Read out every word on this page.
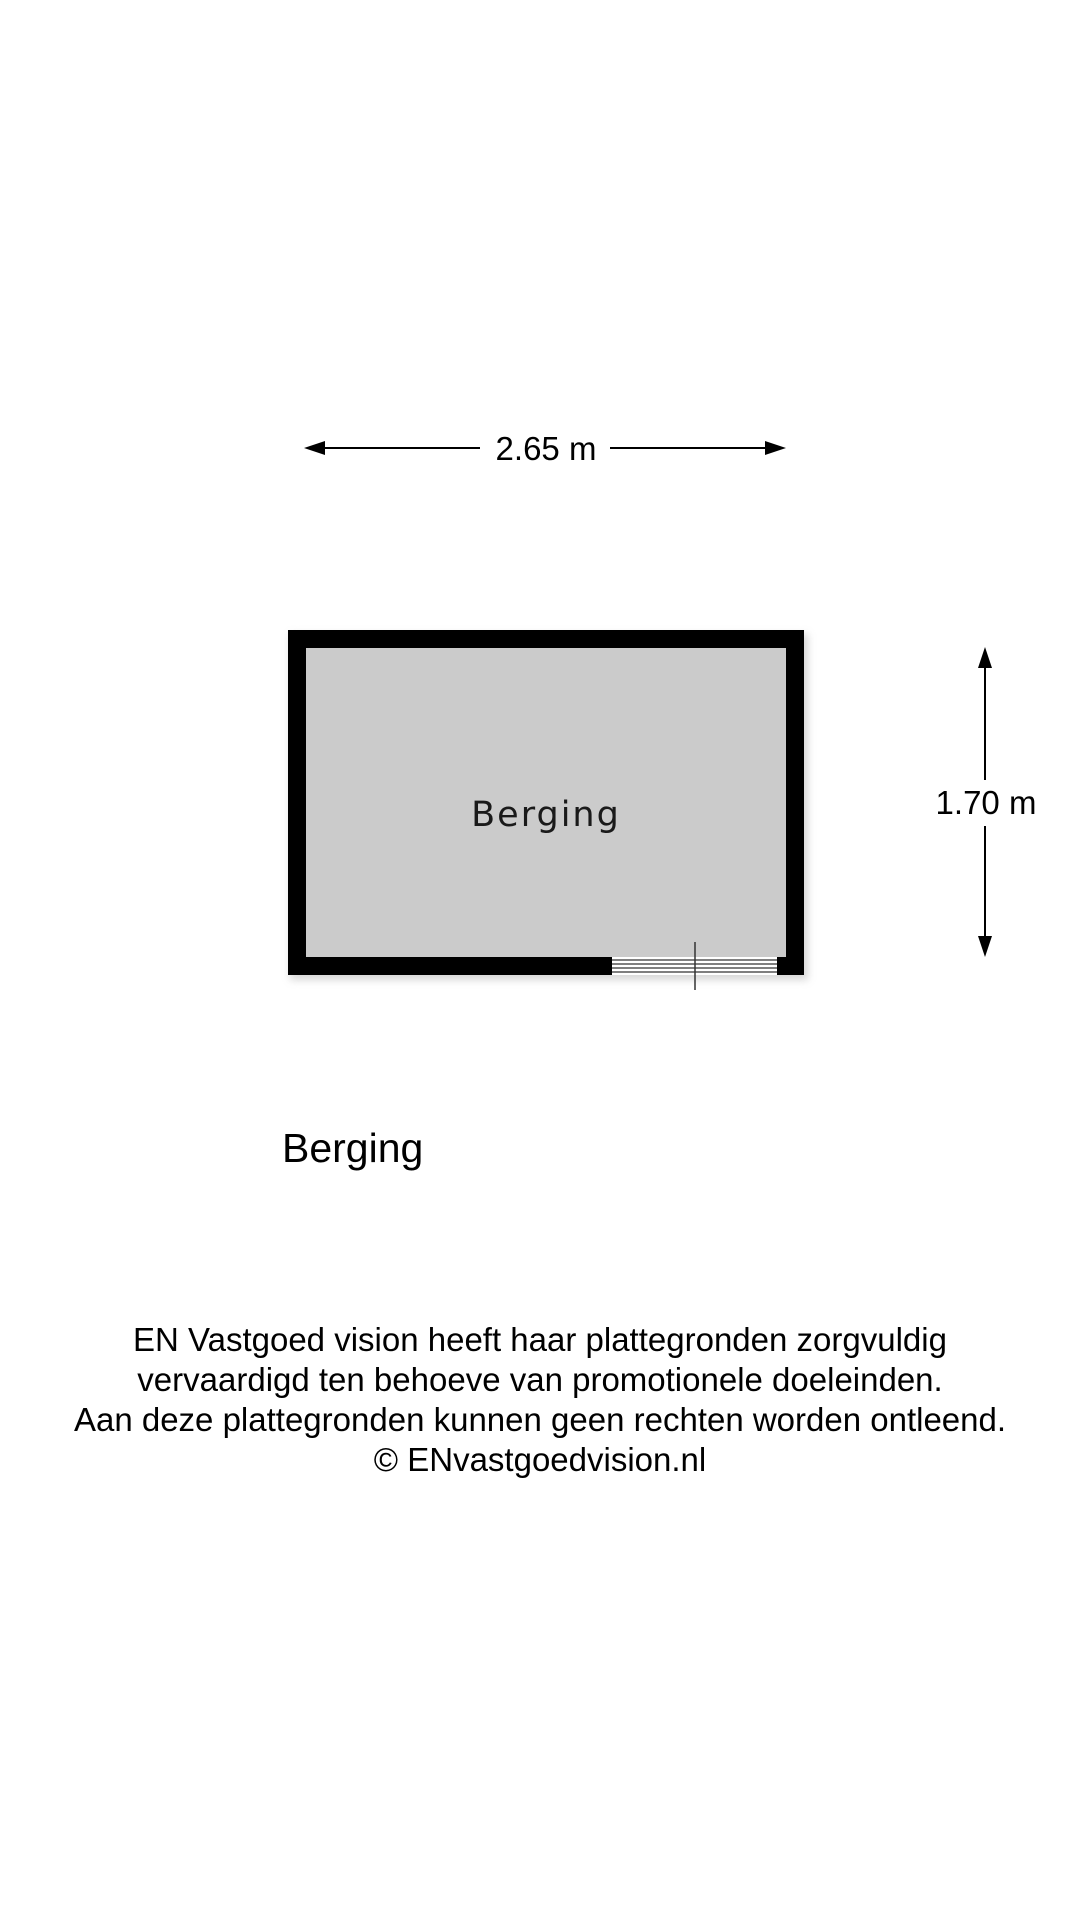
2.65 m
1.70 m
Berging
Berging
EN Vastgoed vision heeft haar plattegronden zorgvuldig
vervaardigd ten behoeve van promotionele doeleinden.
Aan deze plattegronden kunnen geen rechten worden ontleend.
© ENvastgoedvision.nl
